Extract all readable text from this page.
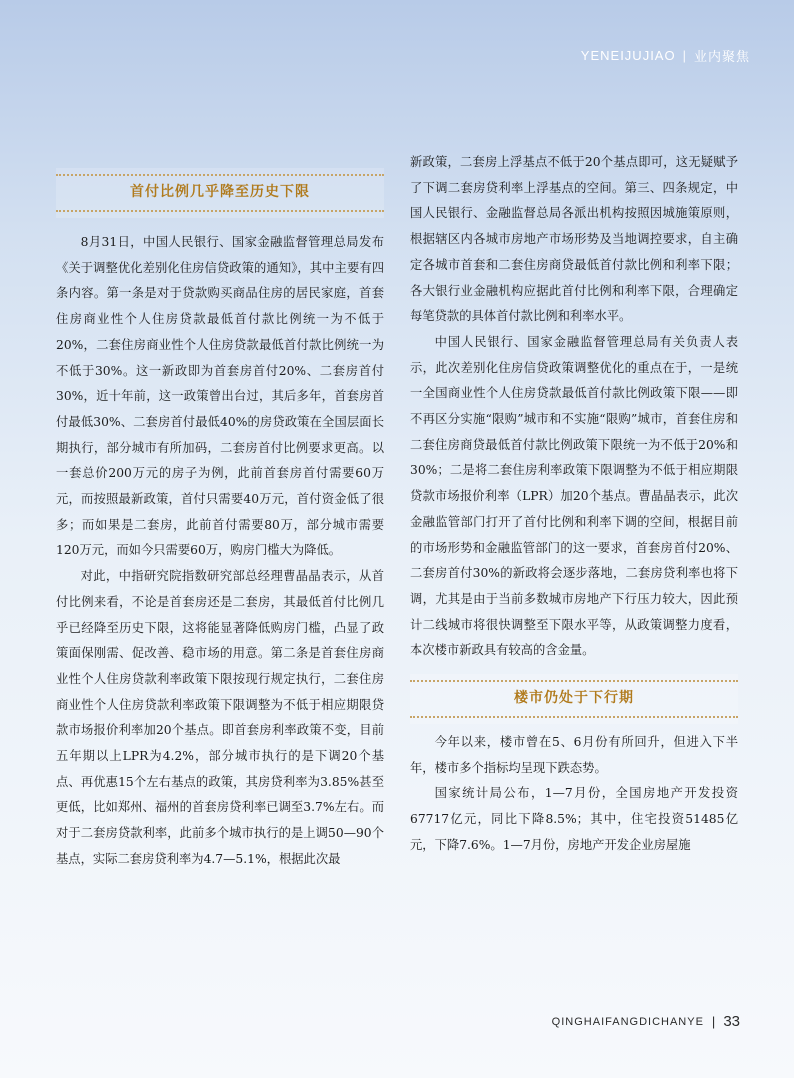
YENEIJUJIAO | 业内聚焦
首付比例几乎降至历史下限

8月31日，中国人民银行、国家金融监督管理总局发布《关于调整优化差别化住房信贷政策的通知》，其中主要有四条内容。第一条是对于贷款购买商品住房的居民家庭，首套住房商业性个人住房贷款最低首付款比例统一为不低于20%，二套住房商业性个人住房贷款最低首付款比例统一为不低于30%。这一新政即为首套房首付20%、二套房首付30%，近十年前，这一政策曾出台过，其后多年，首套房首付最低30%、二套房首付最低40%的房贷政策在全国层面长期执行，部分城市有所加码，二套房首付比例要求更高。以一套总价200万元的房子为例，此前首套房首付需要60万元，而按照最新政策，首付只需要40万元，首付资金低了很多；而如果是二套房，此前首付需要80万，部分城市需要120万元，而如今只需要60万，购房门槛大为降低。

对此，中指研究院指数研究部总经理曹晶晶表示，从首付比例来看，不论是首套房还是二套房，其最低首付比例几乎已经降至历史下限，这将能显著降低购房门槛，凸显了政策面保刚需、促改善、稳市场的用意。第二条是首套住房商业性个人住房贷款利率政策下限按现行规定执行，二套住房商业性个人住房贷款利率政策下限调整为不低于相应期限贷款市场报价利率加20个基点。即首套房利率政策不变，目前五年期以上LPR为4.2%，部分城市执行的是下调20个基点、再优惠15个左右基点的政策，其房贷利率为3.85%甚至更低，比如郑州、福州的首套房贷利率已调至3.7%左右。而对于二套房贷款利率，此前多个城市执行的是上调50—90个基点，实际二套房贷利率为4.7—5.1%，根据此次最

新政策，二套房上浮基点不低于20个基点即可，这无疑赋予了下调二套房贷利率上浮基点的空间。第三、四条规定，中国人民银行、金融监督总局各派出机构按照因城施策原则，根据辖区内各城市房地产市场形势及当地调控要求，自主确定各城市首套和二套住房商贷最低首付款比例和利率下限；各大银行业金融机构应据此首付比例和利率下限，合理确定每笔贷款的具体首付款比例和利率水平。

中国人民银行、国家金融监督管理总局有关负责人表示，此次差别化住房信贷政策调整优化的重点在于，一是统一全国商业性个人住房贷款最低首付款比例政策下限——即不再区分实施“限购”城市和不实施“限购”城市，首套住房和二套住房商贷最低首付款比例政策下限统一为不低于20%和30%；二是将二套住房利率政策下限调整为不低于相应期限贷款市场报价利率（LPR）加20个基点。曹晶晶表示，此次金融监管部门打开了首付比例和利率下调的空间，根据目前的市场形势和金融监管部门的这一要求，首套房首付20%、二套房首付30%的新政将会逐步落地，二套房贷利率也将下调，尤其是由于当前多数城市房地产下行压力较大，因此预计二线城市将很快调整至下限水平等，从政策调整力度看，本次楼市新政具有较高的含金量。

楼市仍处于下行期

今年以来，楼市曾在5、6月份有所回升，但进入下半年，楼市多个指标均呈现下跌态势。

国家统计局公布，1—7月份，全国房地产开发投资67717亿元，同比下降8.5%；其中，住宅投资51485亿元，下降7.6%。1—7月份，房地产开发企业房屋施

QINGHAIFANGDICHANYE | 33
